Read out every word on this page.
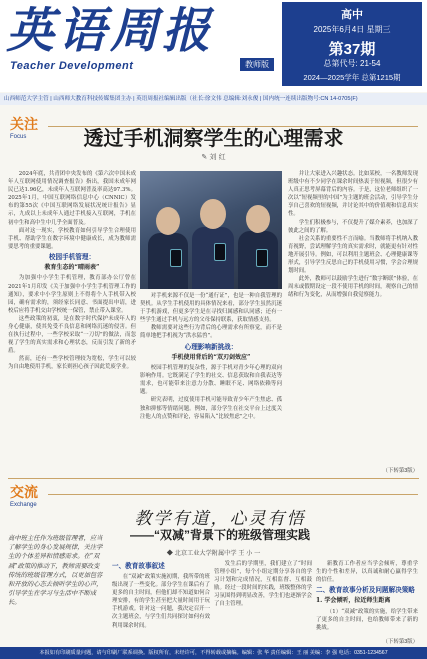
英语周报
Teacher Development	教师版
高中
2025年6月4日 星期三
第37期
总第代号: 21-54
2024—2025学年 总第1215期
山西师范大学主管 | 山西师大教育科技传媒集团主办 | 英语周报社编辑出版（社长:徐文伟 总编辑:刘永俊 | 国内统一连续出版物号:CN 14-0705(F)
关注
Focus	透过手机洞察学生的心理需求
✎ 刘 红

2024年底，共青团中央发布的《第六次中国未成年人互联网使用情况调查报告》指出，我国未成年网民已达1.96亿，未成年人互联网普及率高达97.3%。2025年1月，中国互联网络信息中心（CNNIC）发布的第55次《中国互联网络发展状况统计报告》显示，九成以上未成年人通过手机接入互联网，手机在初中生和高中生中几乎全面普及。

面对这一现实，学校教育如何引导学生合理使用手机、帮助学生在数字环境中健康成长，成为教师需要思考的重要课题。

校园手机管理：
教育生态的“晴雨表”

为加强中小学生手机管理，教育部办公厅曾在2021年1月印发《关于加强中小学生手机管理工作的通知》，要求中小学生原则上不得将个人手机带入校园，确有需求的，须经家长同意、书面提出申请，进校后应将手机交由学校统一保管，禁止带入课堂。

这些政策的初衷，是在数字时代保护未成年人的身心健康，使其免受不良信息和网络沉迷的侵害。但在执行过程中，一些学校采取“一刀切”的做法，而忽视了学生的真实需求和心理状态，反而引发了新的矛盾。

然而，还有一些学校管理较为宽松，学生可以较为自由地使用手机，家长则担心孩子因此荒废学业。

对手机来源不仅是一份“通行证”，也是一种自我管理的契机。从学生手机使用的具体情况来看，部分学生虽然沉迷于手机游戏，但更多学生是在寻找归属感和认同感；还有一些学生通过手机与远方的父母保持联系，获取情感支持。

教师需要对这些行为背后的心理需求有所察觉，而不是简单地把手机视为“洪水猛兽”。

心理影响新挑战：
手机使用背后的“双刃剑效应”

校园手机管理的复杂性，源于手机对青少年心理的双向影响作用。它既满足了学生的社交、信息获取和自我表达等需求，也可能带来注意力分散、睡眠不足、网络依赖等问题。

研究表明，过度使用手机可能导致青少年产生焦虑、孤独和抑郁等情绪问题。例如，部分学生在社交平台上过度关注他人的点赞和评论，容易陷入“比较焦虑”之中。

并让大家进入兴趣状态。比如某校，一名教师发现班级中有不少同学在课余时间热衷于短视频，但很少有人真正思考屏幕背后的内容。于是，这位老师组织了一次以“短视频里的中国”为主题的班会活动，引导学生分享自己喜欢的短视频，并讨论其中的价值观和信息真实性。

学生们积极参与，不仅提升了媒介素养，也加深了彼此之间的了解。

社会关系的重要性不言而喻。当教师将手机纳入教育视野，尝试理解学生的真实需求时，就能更有针对性地开展引导。例如，可以利用主题班会、心理健康课等形式，引导学生反思自己的手机使用习惯，学会合理规划时间。

此外，教师可以鼓励学生进行“数字断联”体验，在周末或假期设定一段不使用手机的时间，观察自己的情绪和行为变化，从而增强自我觉察能力。

（下转第3版）
交流
Exchange
教学有道，心灵有悟
——“双减”背景下的班级管理实践
◆ 北京工业大学附属中学 王 小 一
高中班主任作为班级管理者，应当了解学生的身心发展规律，关注学生的个体差异和情感需求。在“双减”政策的推动下，教师需要改变传统的班级管理方式，以更加包容和开放的心态去倾听学生的心声，引导学生在学习与生活中不断成长。
一、教育故事叙述

在“双减”政策实施初期，我所带的班级出现了一些变化。部分学生在课后有了更多的自主时间，但他们却不知道如何合理安排，有的学生甚至把大量时间用于玩手机游戏。针对这一问题，我决定召开一次主题班会，与学生们共同探讨如何有效利用课余时间。

发生后的学期里，我们建立了“时间管理小组”，每个小组定期分享各自的学习计划和完成情况，互相监督、互相鼓励。经过一段时间的实践，班级整体的学习氛围得到明显改善，学生们也逐渐学会了自主管理。

新教育工作者应当学会倾听，尊重学生的个性和差异，以真诚和耐心赢得学生的信任。

二、教育故事分析及问题解决策略
1. 学会倾听，拉近师生距离

（1）“双减”政策的实施，给学生带来了更多的自主时间，也给教师带来了新的挑战。

（下转第3版）
本报如有印刷质量问题，请与印刷厂联系调换。版权所有，未经许可，不得转载或摘编。编辑：张 华 责任编辑：王 丽 美编：李 强 电话：0351-1234567
